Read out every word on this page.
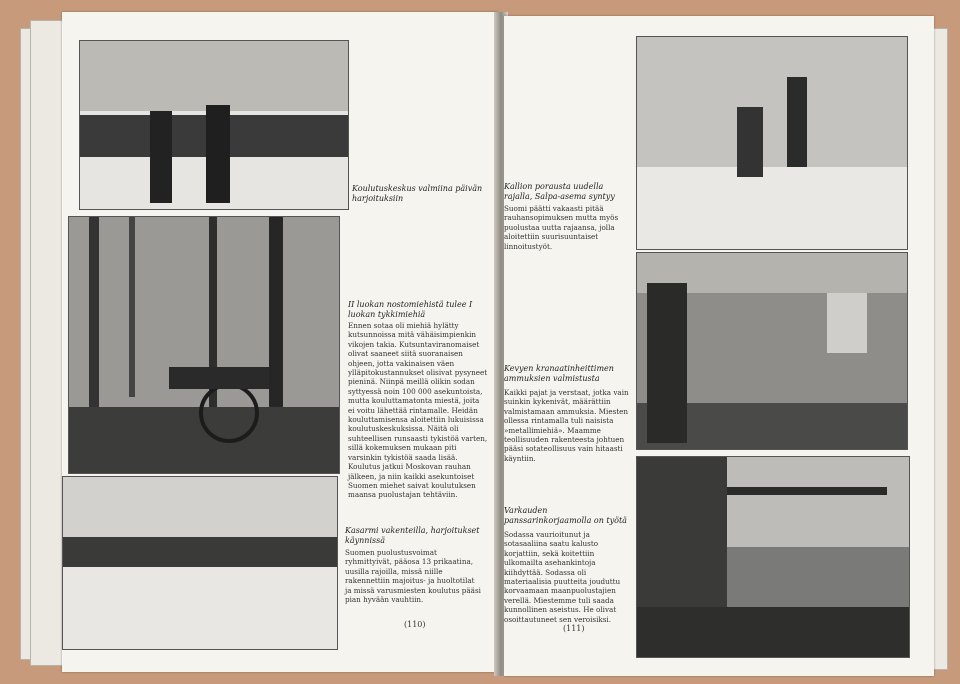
Koulutuskeskus valmiina päivän harjoituksiin
II luokan nostomiehistä tulee I luokan tykkimiehiä
Ennen sotaa oli miehiä hylätty kutsunnoissa mitä vähäisimpienkin vikojen takia. Kutsuntaviranomaiset olivat saaneet siitä suoranaisen ohjeen, jotta vakinaisen väen ylläpitokustannukset olisivat pysyneet pieninä. Niinpä meillä olikin sodan syttyessä noin 100 000 asekuntoista, mutta kouluttamatonta miestä, joita ei voitu lähettää rintamalle. Heidän kouluttamisensa aloitettiin lukuisissa koulutuskeskuksissa. Näitä oli suhteellisen runsaasti tykistöä varten, sillä kokemuksen mukaan piti varsinkin tykistöä saada lisää. Koulutus jatkui Moskovan rauhan jälkeen, ja niin kaikki asekuntoiset Suomen miehet saivat koulutuksen maansa puolustajan tehtäviin.
Kasarmi vakenteilla, harjoitukset käynnissä
Suomen puolustusvoimat ryhmittyivät, pääosa 13 prikaatina, uusilla rajoilla, missä niille rakennettiin majoitus- ja huoltotilat ja missä varusmiesten koulutus pääsi pian hyvään vauhtiin.
(110)
Kallion porausta uudella rajalla, Salpa-asema syntyy
Suomi päätti vakaasti pitää rauhansopimuksen mutta myös puolustaa uutta rajaansa, jolla aloitettiin suurisuuntaiset linnoitustyöt.
Kevyen kranaatinheittimen ammuksien valmistusta
Kaikki pajat ja verstaat, jotka vain suinkin kykenivät, määrättiin valmistamaan ammuksia. Miesten ollessa rintamalla tuli naisista »metallimiehiä». Maamme teollisuuden rakenteesta johtuen pääsi sotateollisuus vain hitaasti käyntiin.
Varkauden panssarinkorjaamolla on työtä
Sodassa vaurioitunut ja sotasaaliina saatu kalusto korjattiin, sekä koitettiin ulkomailta asehankintoja kiihdyttää. Sodassa oli materiaalisia puutteita jouduttu korvaamaan maanpuolustajien verellä. Miestemme tuli saada kunnollinen aseistus. He olivat osoittautuneet sen veroisiksi.
(111)
